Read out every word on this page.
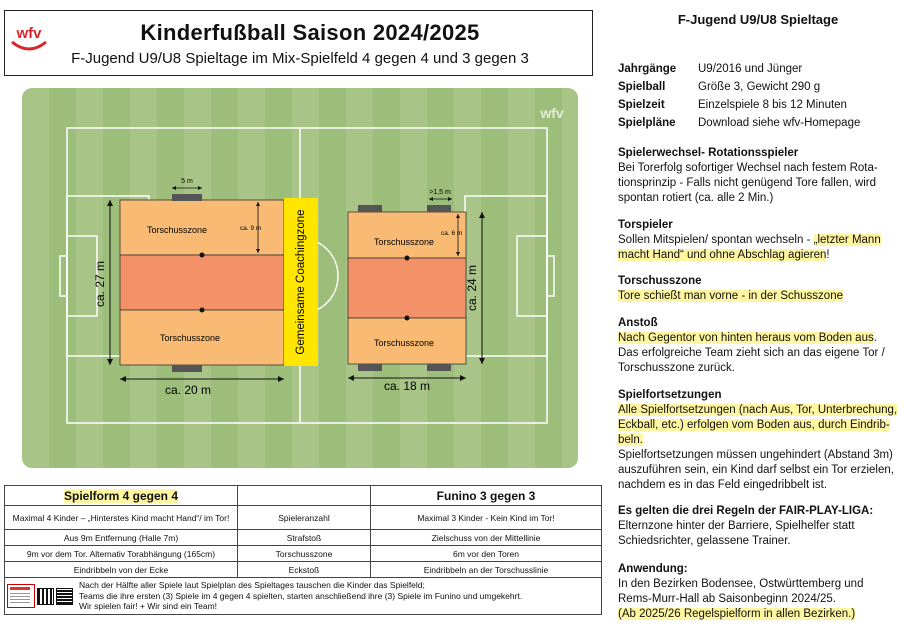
wfv	Kinderfußball Saison 2024/2025
F-Jugend U9/U8 Spieltage im Mix-Spielfeld 4 gegen 4 und 3 gegen 3
wfv
Torschusszone
Torschusszone
5 m
ca. 9 m
ca. 27 m
ca. 20 m
Gemeinsame Coachingzone	Torschusszone
Torschusszone
>1,5 m
ca. 6 m
ca. 24 m
ca. 18 m
Spielform 4 gegen 4		Funino 3 gegen 3
Maximal 4 Kinder – „Hinterstes Kind macht Hand“/ im Tor!	Spieleranzahl	Maximal 3 Kinder - Kein Kind im Tor!
Aus 9m Entfernung (Halle 7m)	Strafstoß	Zielschuss von der Mittellinie
9m vor dem Tor. Alternativ Torabhängung (165cm)	Torschusszone	6m vor den Toren
Eindribbeln von der Ecke	Eckstoß	Eindribbeln an der Torschusslinie

Nach der Hälfte aller Spiele laut Spielplan des Spieltages tauschen die Kinder das Spielfeld;
Teams die ihre ersten (3) Spiele im 4 gegen 4 spielten, starten anschließend ihre (3) Spiele im Funino und umgekehrt.
Wir spielen fair! + Wir sind ein Team!		
F-Jugend U9/U8 Spieltage
Jahrgänge	U9/2016 und Jünger
Spielball	Größe 3, Gewicht 290 g
Spielzeit	Einzelspiele 8 bis 12 Minuten
Spielpläne	Download siehe wfv-Homepage
Spielerwechsel- Rotationsspieler
Bei Torerfolg sofortiger Wechsel nach festem Rota-
tionsprinzip - Falls nicht genügend Tore fallen, wird
spontan rotiert (ca. alle 2 Min.)
Torspieler
Sollen Mitspielen/ spontan wechseln - „letzter Mann
macht Hand“ und ohne Abschlag agieren!
Torschusszone
Tore schießt man vorne - in der Schusszone
Anstoß
Nach Gegentor von hinten heraus vom Boden aus.
Das erfolgreiche Team zieht sich an das eigene Tor /
Torschusszone zurück.
Spielfortsetzungen
Alle Spielfortsetzungen (nach Aus, Tor, Unterbrechung,
Eckball, etc.) erfolgen vom Boden aus, durch Eindrib-
beln.
Spielfortsetzungen müssen ungehindert (Abstand 3m)
auszuführen sein, ein Kind darf selbst ein Tor erzielen,
nachdem es in das Feld eingedribbelt ist.
Es gelten die drei Regeln der FAIR-PLAY-LIGA:
Elternzone hinter der Barriere, Spielhelfer statt
Schiedsrichter, gelassene Trainer.
Anwendung:
In den Bezirken Bodensee, Ostwürttemberg und
Rems-Murr-Hall ab Saisonbeginn 2024/25.
(Ab 2025/26 Regelspielform in allen Bezirken.)
